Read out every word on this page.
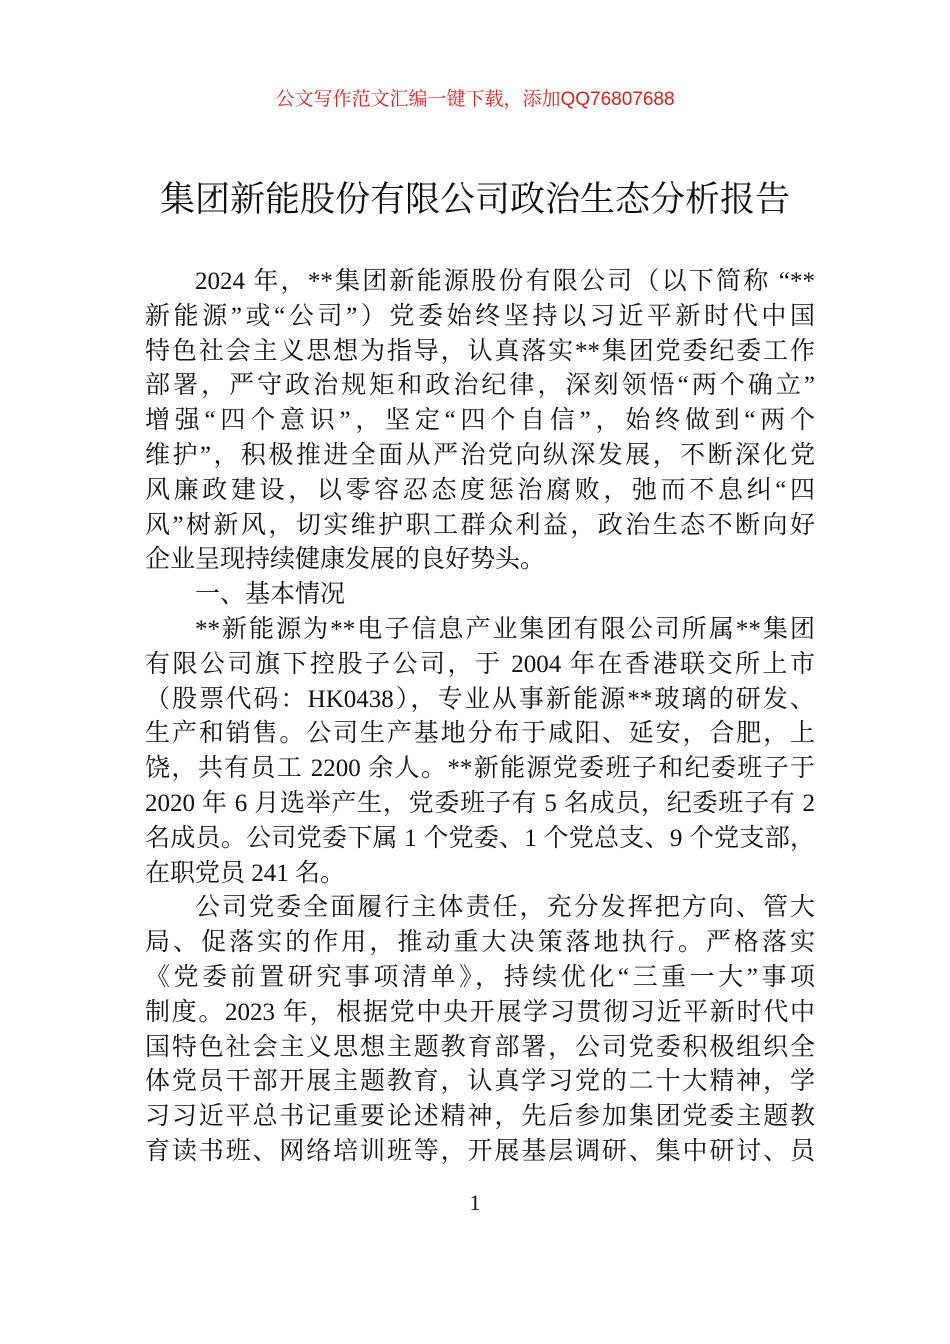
公文写作范文汇编一键下载，添加QQ76807688
集团新能股份有限公司政治生态分析报告
2024 年，**集团新能源股份有限公司（以下简称 “**
新能源”或“公司”）党委始终坚持以习近平新时代中国
特色社会主义思想为指导，认真落实**集团党委纪委工作
部署，严守政治规矩和政治纪律，深刻领悟“两个确立”
增强“四个意识”，坚定“四个自信”，始终做到“两个
维护”，积极推进全面从严治党向纵深发展，不断深化党
风廉政建设，以零容忍态度惩治腐败，弛而不息纠“四
风”树新风，切实维护职工群众利益，政治生态不断向好
企业呈现持续健康发展的良好势头。
一、基本情况
**新能源为**电子信息产业集团有限公司所属**集团
有限公司旗下控股子公司，于 2004 年在香港联交所上市
（股票代码：HK0438），专业从事新能源**玻璃的研发、
生产和销售。公司生产基地分布于咸阳、延安，合肥，上
饶，共有员工 2200 余人。**新能源党委班子和纪委班子于
2020 年 6 月选举产生，党委班子有 5 名成员，纪委班子有 2
名成员。公司党委下属 1 个党委、1 个党总支、9 个党支部，
在职党员 241 名。
公司党委全面履行主体责任，充分发挥把方向、管大
局、促落实的作用，推动重大决策落地执行。严格落实
《党委前置研究事项清单》，持续优化“三重一大”事项
制度。2023 年，根据党中央开展学习贯彻习近平新时代中
国特色社会主义思想主题教育部署，公司党委积极组织全
体党员干部开展主题教育，认真学习党的二十大精神，学
习习近平总书记重要论述精神，先后参加集团党委主题教
育读书班、网络培训班等，开展基层调研、集中研讨、员
1
